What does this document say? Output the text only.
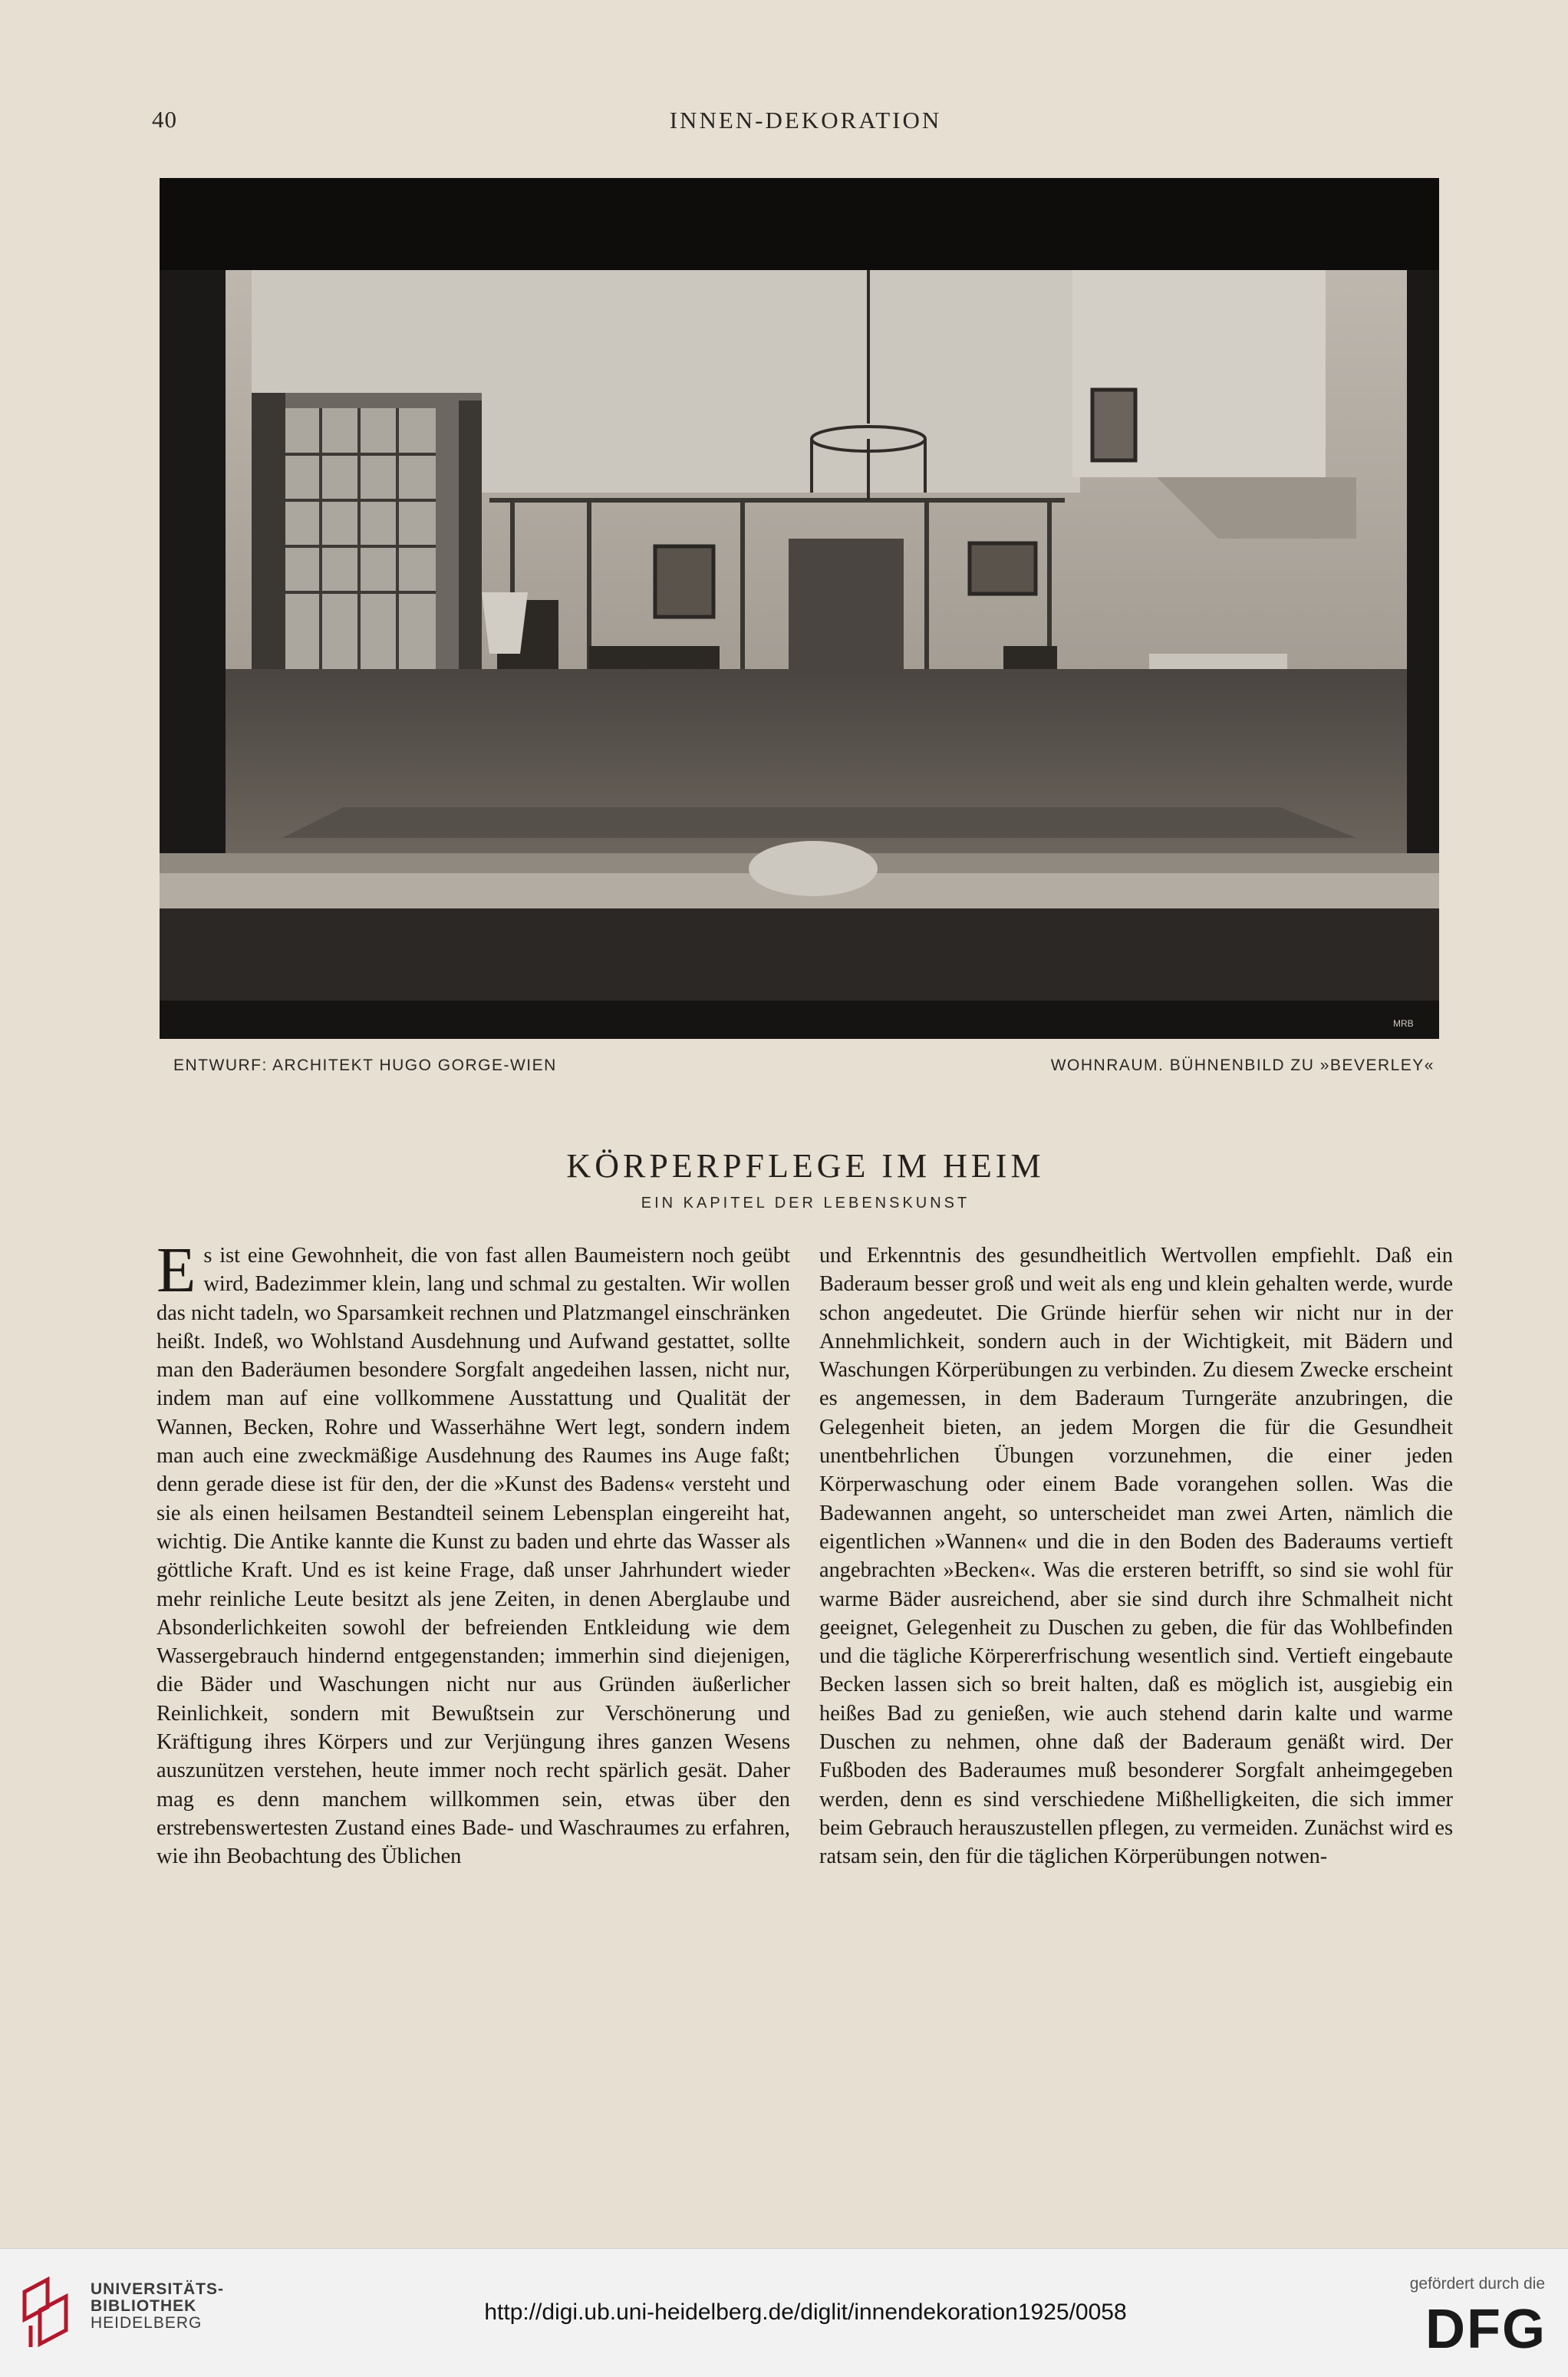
40	INNEN-DEKORATION
MRB
ENTWURF: ARCHITEKT HUGO GORGE-WIEN	WOHNRAUM. BÜHNENBILD ZU »BEVERLEY«
KÖRPERPFLEGE IM HEIM
EIN KAPITEL DER LEBENSKUNST

Es ist eine Gewohnheit, die von fast allen Baumeistern noch geübt wird, Badezimmer klein, lang und schmal zu gestalten. Wir wollen das nicht tadeln, wo Sparsamkeit rechnen und Platzmangel einschränken heißt. Indeß, wo Wohlstand Ausdehnung und Aufwand gestattet, sollte man den Baderäumen besondere Sorgfalt angedeihen lassen, nicht nur, indem man auf eine vollkommene Ausstattung und Qualität der Wannen, Becken, Rohre und Wasserhähne Wert legt, sondern indem man auch eine zweckmäßige Ausdehnung des Raumes ins Auge faßt; denn gerade diese ist für den, der die »Kunst des Badens« versteht und sie als einen heilsamen Bestandteil seinem Lebensplan eingereiht hat, wichtig. Die Antike kannte die Kunst zu baden und ehrte das Wasser als göttliche Kraft. Und es ist keine Frage, daß unser Jahrhundert wieder mehr reinliche Leute besitzt als jene Zeiten, in denen Aberglaube und Absonderlichkeiten sowohl der befreienden Entkleidung wie dem Wassergebrauch hindernd entgegenstanden; immerhin sind diejenigen, die Bäder und Waschungen nicht nur aus Gründen äußerlicher Reinlichkeit, sondern mit Bewußtsein zur Verschönerung und Kräftigung ihres Körpers und zur Verjüngung ihres ganzen Wesens auszunützen verstehen, heute immer noch recht spärlich gesät. Daher mag es denn manchem willkommen sein, etwas über den erstrebenswertesten Zustand eines Bade- und Waschraumes zu erfahren, wie ihn Beobachtung des Üblichen

und Erkenntnis des gesundheitlich Wertvollen empfiehlt. Daß ein Baderaum besser groß und weit als eng und klein gehalten werde, wurde schon angedeutet. Die Gründe hierfür sehen wir nicht nur in der Annehmlichkeit, sondern auch in der Wichtigkeit, mit Bädern und Waschungen Körperübungen zu verbinden. Zu diesem Zwecke erscheint es angemessen, in dem Baderaum Turngeräte anzubringen, die Gelegenheit bieten, an jedem Morgen die für die Gesundheit unentbehrlichen Übungen vorzunehmen, die einer jeden Körperwaschung oder einem Bade vorangehen sollen. Was die Badewannen angeht, so unterscheidet man zwei Arten, nämlich die eigentlichen »Wannen« und die in den Boden des Baderaums vertieft angebrachten »Becken«. Was die ersteren betrifft, so sind sie wohl für warme Bäder ausreichend, aber sie sind durch ihre Schmalheit nicht geeignet, Gelegenheit zu Duschen zu geben, die für das Wohlbefinden und die tägliche Körpererfrischung wesentlich sind. Vertieft eingebaute Becken lassen sich so breit halten, daß es möglich ist, ausgiebig ein heißes Bad zu genießen, wie auch stehend darin kalte und warme Duschen zu nehmen, ohne daß der Baderaum genäßt wird. Der Fußboden des Baderaumes muß besonderer Sorgfalt anheimgegeben werden, denn es sind verschiedene Mißhelligkeiten, die sich immer beim Gebrauch herauszustellen pflegen, zu vermeiden. Zunächst wird es ratsam sein, den für die täglichen Körperübungen notwen-

UNIVERSITÄTS-
BIBLIOTHEK
HEIDELBERG	http://digi.ub.uni-heidelberg.de/diglit/innendekoration1925/0058
gefördert durch die
DFG
